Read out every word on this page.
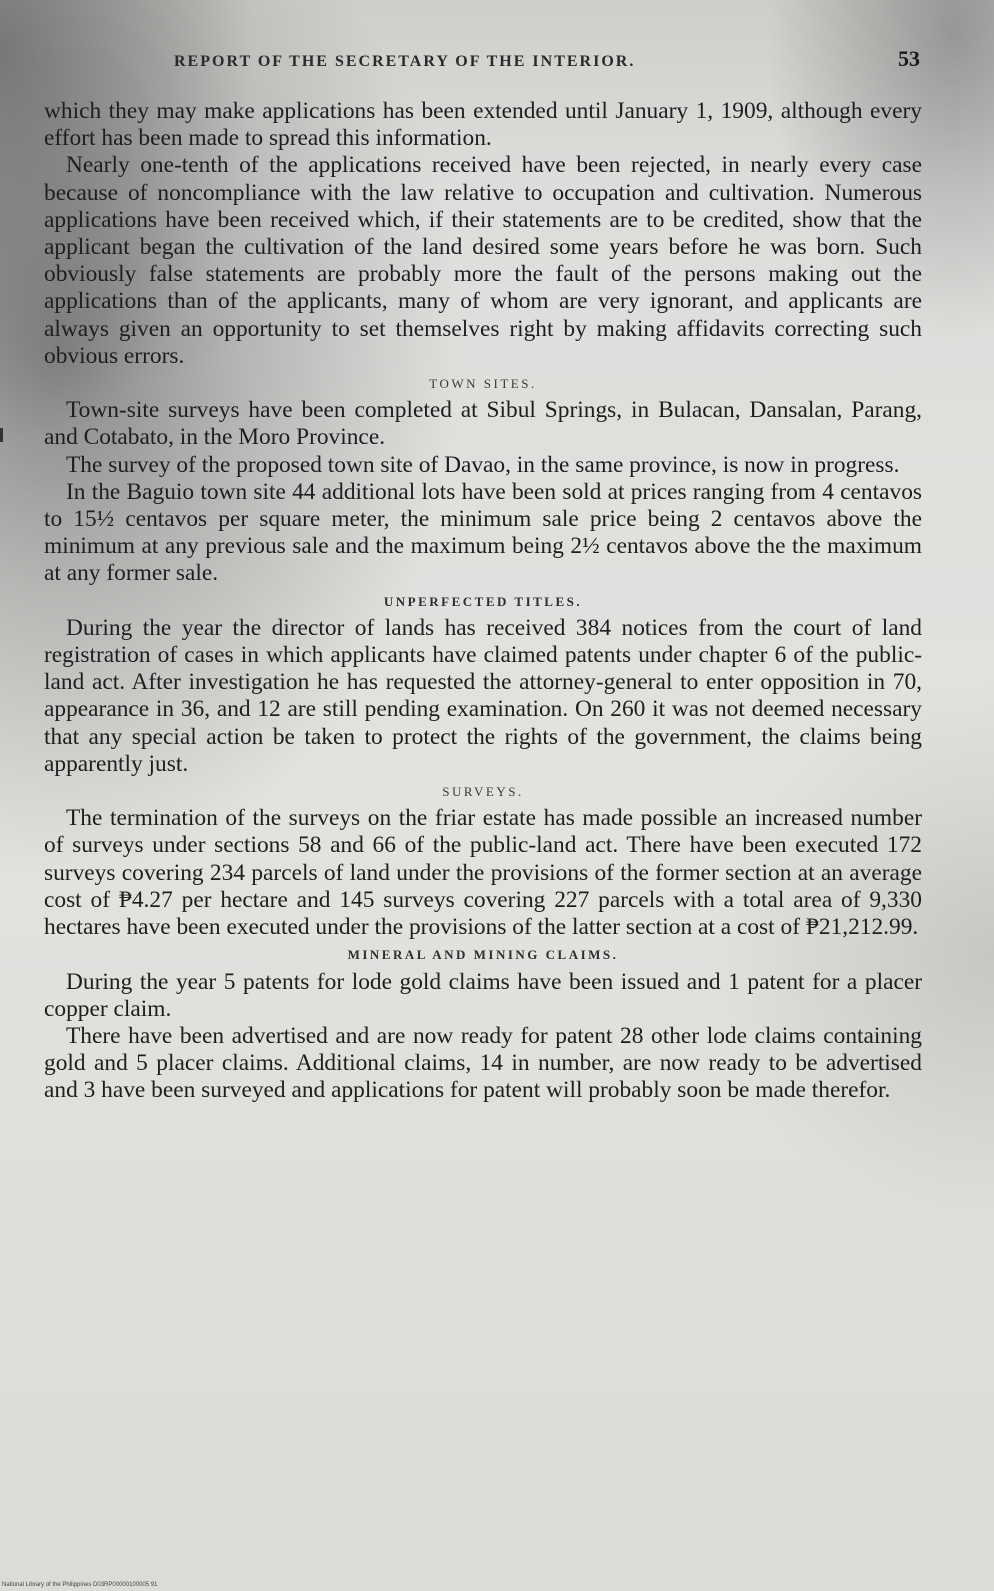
REPORT OF THE SECRETARY OF THE INTERIOR.	53

which they may make applications has been extended until January 1, 1909, although every effort has been made to spread this information.

Nearly one-tenth of the applications received have been rejected, in nearly every case because of noncompliance with the law relative to occupation and cultivation. Numerous applications have been received which, if their statements are to be credited, show that the applicant began the cultivation of the land desired some years before he was born. Such obviously false statements are probably more the fault of the persons making out the applications than of the applicants, many of whom are very ignorant, and applicants are always given an opportunity to set themselves right by making affidavits correcting such obvious errors.

TOWN SITES.

Town-site surveys have been completed at Sibul Springs, in Bulacan, Dansalan, Parang, and Cotabato, in the Moro Province.

The survey of the proposed town site of Davao, in the same province, is now in progress.

In the Baguio town site 44 additional lots have been sold at prices ranging from 4 centavos to 15½ centavos per square meter, the minimum sale price being 2 centavos above the minimum at any previous sale and the maximum being 2½ centavos above the the maximum at any former sale.

UNPERFECTED TITLES.

During the year the director of lands has received 384 notices from the court of land registration of cases in which applicants have claimed patents under chapter 6 of the public-land act. After investigation he has requested the attorney-general to enter opposition in 70, appearance in 36, and 12 are still pending examination. On 260 it was not deemed necessary that any special action be taken to protect the rights of the government, the claims being apparently just.

SURVEYS.

The termination of the surveys on the friar estate has made possible an increased number of surveys under sections 58 and 66 of the public-land act. There have been executed 172 surveys covering 234 parcels of land under the provisions of the former section at an average cost of ₱4.27 per hectare and 145 surveys covering 227 parcels with a total area of 9,330 hectares have been executed under the provisions of the latter section at a cost of ₱21,212.99.

MINERAL AND MINING CLAIMS.

During the year 5 patents for lode gold claims have been issued and 1 patent for a placer copper claim.

There have been advertised and are now ready for patent 28 other lode claims containing gold and 5 placer claims. Additional claims, 14 in number, are now ready to be advertised and 3 have been surveyed and applications for patent will probably soon be made therefor.

National Library of the Philippines D03RP00000100005 91
